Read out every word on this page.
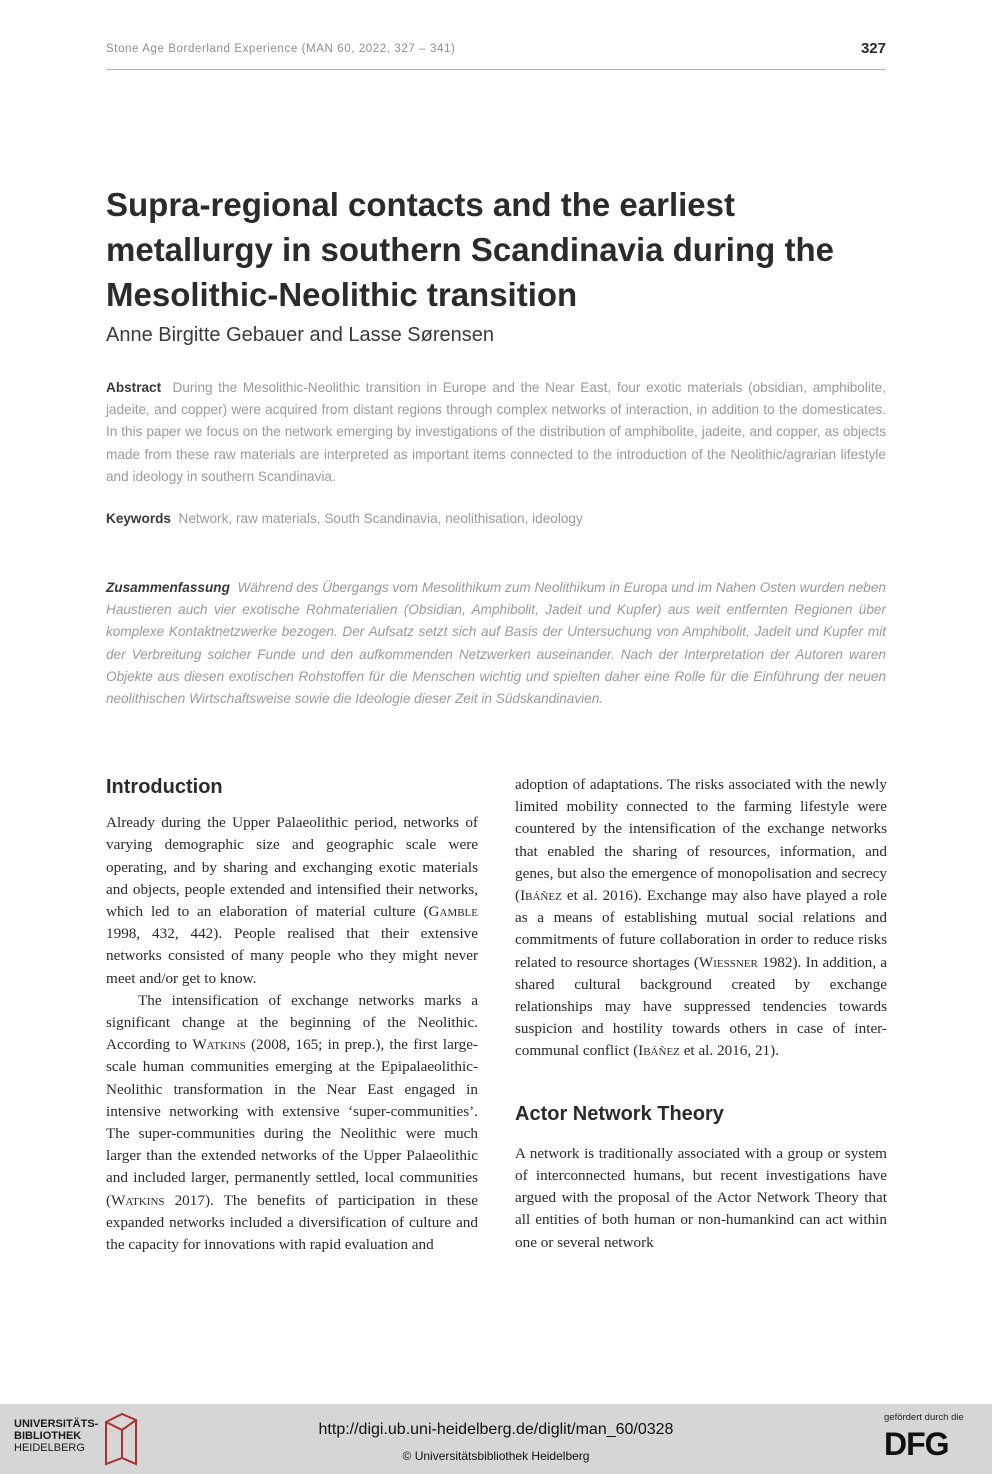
Stone Age Borderland Experience (MAN 60, 2022, 327 – 341)	327
Supra-regional contacts and the earliest metallurgy in southern Scandinavia during the Mesolithic-Neolithic transition
Anne Birgitte Gebauer and Lasse Sørensen
Abstract During the Mesolithic-Neolithic transition in Europe and the Near East, four exotic materials (obsidian, amphibolite, jadeite, and copper) were acquired from distant regions through complex networks of interaction, in addition to the domesticates. In this paper we focus on the network emerging by investigations of the distribution of amphibolite, jadeite, and copper, as objects made from these raw materials are interpreted as important items connected to the introduction of the Neolithic/agrarian lifestyle and ideology in southern Scandinavia.
Keywords Network, raw materials, South Scandinavia, neolithisation, ideology
Zusammenfassung Während des Übergangs vom Mesolithikum zum Neolithikum in Europa und im Nahen Osten wurden neben Haustieren auch vier exotische Rohmaterialien (Obsidian, Amphibolit, Jadeit und Kupfer) aus weit entfernten Regionen über komplexe Kontaktnetzwerke bezogen. Der Aufsatz setzt sich auf Basis der Untersuchung von Amphibolit, Jadeit und Kupfer mit der Verbreitung solcher Funde und den aufkommenden Netzwerken auseinander. Nach der Interpretation der Autoren waren Objekte aus diesen exotischen Rohstoffen für die Menschen wichtig und spielten daher eine Rolle für die Einführung der neuen neolithischen Wirtschaftsweise sowie die Ideologie dieser Zeit in Südskandinavien.
Introduction

Already during the Upper Palaeolithic period, networks of varying demographic size and geographic scale were operating, and by sharing and exchanging exotic materials and objects, people extended and intensified their networks, which led to an elaboration of material culture (Gamble 1998, 432, 442). People realised that their extensive networks consisted of many people who they might never meet and/or get to know.

The intensification of exchange networks marks a significant change at the beginning of the Neolithic. According to Watkins (2008, 165; in prep.), the first large-scale human communities emerging at the Epipalaeolithic-Neolithic transformation in the Near East engaged in intensive networking with extensive ‘super-communities’. The super-communities during the Neolithic were much larger than the extended networks of the Upper Palaeolithic and included larger, permanently settled, local communities (Watkins 2017). The benefits of participation in these expanded networks included a diversification of culture and the capacity for innovations with rapid evaluation and

adoption of adaptations. The risks associated with the newly limited mobility connected to the farming lifestyle were countered by the intensification of the exchange networks that enabled the sharing of resources, information, and genes, but also the emergence of monopolisation and secrecy (Ibáñez et al. 2016). Exchange may also have played a role as a means of establishing mutual social relations and commitments of future collaboration in order to reduce risks related to resource shortages (Wiessner 1982). In addition, a shared cultural background created by exchange relationships may have suppressed tendencies towards suspicion and hostility towards others in case of inter-communal conflict (Ibáñez et al. 2016, 21).

Actor Network Theory

A network is traditionally associated with a group or system of interconnected humans, but recent investigations have argued with the proposal of the Actor Network Theory that all entities of both human or non-humankind can act within one or several network

UNIVERSITÄTS-
BIBLIOTHEK
HEIDELBERG
http://digi.ub.uni-heidelberg.de/diglit/man_60/0328
© Universitätsbibliothek Heidelberg
gefördert durch die
DFG
